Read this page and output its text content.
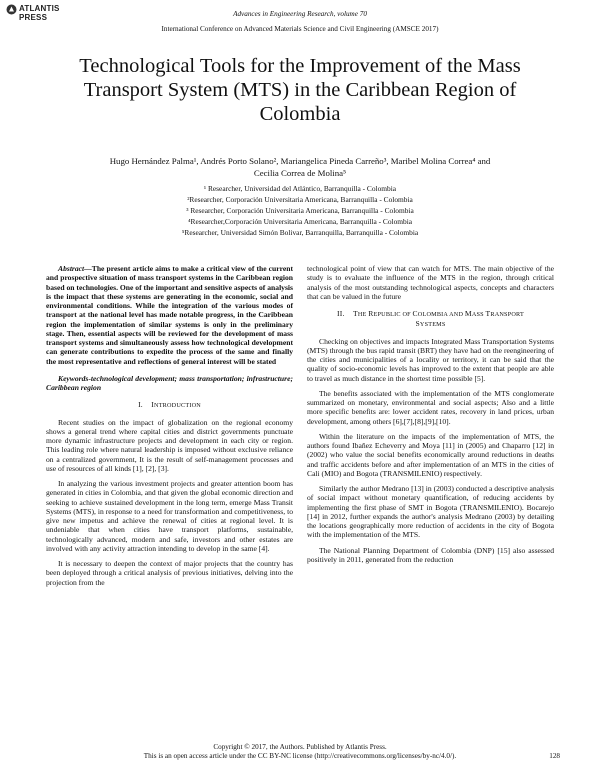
ATLANTIS
PRESS	Advances in Engineering Research, volume 70
International Conference on Advanced Materials Science and Civil Engineering (AMSCE 2017)
Technological Tools for the Improvement of the Mass
Transport System (MTS) in the Caribbean Region of
Colombia
Hugo Hernández Palma¹, Andrés Porto Solano², Mariangelica Pineda Carreño³, Maribel Molina Correa⁴ and
Cecilia Correa de Molina⁵
¹ Researcher, Universidad del Atlántico, Barranquilla - Colombia
²Researcher, Corporación Universitaria Americana, Barranquilla - Colombia
³ Researcher, Corporación Universitaria Americana, Barranquilla - Colombia
⁴Researcher,Corporación Universitaria Americana, Barranquilla - Colombia
⁵Researcher, Universidad Simón Bolivar, Barranquilla, Barranquilla - Colombia

Abstract—The present article aims to make a critical view of the current and prospective situation of mass transport systems in the Caribbean region based on technologies. One of the important and sensitive aspects of analysis is the impact that these systems are generating in the economic, social and environmental conditions. While the integration of the various modes of transport at the national level has made notable progress, in the Caribbean region the implementation of similar systems is only in the preliminary stage. Then, essential aspects will be reviewed for the development of mass transport systems and simultaneously assess how technological development can generate contributions to expedite the process of the same and finally the most representative and reflections of general interest will be stated

Keywords-technological development; mass transportation; infrastructure; Caribbean region

I. INTRODUCTION

Recent studies on the impact of globalization on the regional economy shows a general trend where capital cities and district governments punctuate more dynamic infrastructure projects and development in each city or region. This leading role where natural leadership is imposed without exclusive reliance on a centralized government, It is the result of self-management processes and use of resources of all kinds [1], [2], [3].

In analyzing the various investment projects and greater attention boom has generated in cities in Colombia, and that given the global economic direction and seeking to achieve sustained development in the long term, emerge Mass Transit Systems (MTS), in response to a need for transformation and competitiveness, to give new impetus and achieve the renewal of cities at regional level. It is undeniable that when cities have transport platforms, sustainable, technologically advanced, modern and safe, investors and other estates are involved with any activity attraction intending to develop in the same [4].

It is necessary to deepen the context of major projects that the country has been deployed through a critical analysis of previous initiatives, delving into the projection from the

technological point of view that can watch for MTS. The main objective of the study is to evaluate the influence of the MTS in the region, through critical analysis of the most outstanding technological aspects, concepts and characters that can be valued in the future

II. THE REPUBLIC OF COLOMBIA AND MASS TRANSPORT
SYSTEMS

Checking on objectives and impacts Integrated Mass Transportation Systems (MTS) through the bus rapid transit (BRT) they have had on the reengineering of the cities and municipalities of a locality or territory, it can be said that the quality of socio-economic levels has improved to the extent that people are able to travel as much distance in the shortest time possible [5].

The benefits associated with the implementation of the MTS conglomerate summarized on monetary, environmental and social aspects; Also and a little more specific benefits are: lower accident rates, recovery in land prices, urban development, among others [6],[7],[8],[9],[10].

Within the literature on the impacts of the implementation of MTS, the authors found Ibañez Echeverry and Moya [11] in (2005) and Chaparro [12] in (2002) who value the social benefits economically around reductions in deaths and traffic accidents before and after implementation of an MTS in the cities of Cali (MIO) and Bogota (TRANSMILENIO) respectively.

Similarly the author Medrano [13] in (2003) conducted a descriptive analysis of social impact without monetary quantification, of reducing accidents by implementing the first phase of SMT in Bogota (TRANSMILENIO). Bocarejo [14] in 2012, further expands the author's analysis Medrano (2003) by detailing the locations geographically more reduction of accidents in the city of Bogota with the implementation of the MTS.

The National Planning Department of Colombia (DNP) [15] also assessed positively in 2011, generated from the reduction

Copyright © 2017, the Authors. Published by Atlantis Press.
This is an open access article under the CC BY-NC license (http://creativecommons.org/licenses/by-nc/4.0/).	128
